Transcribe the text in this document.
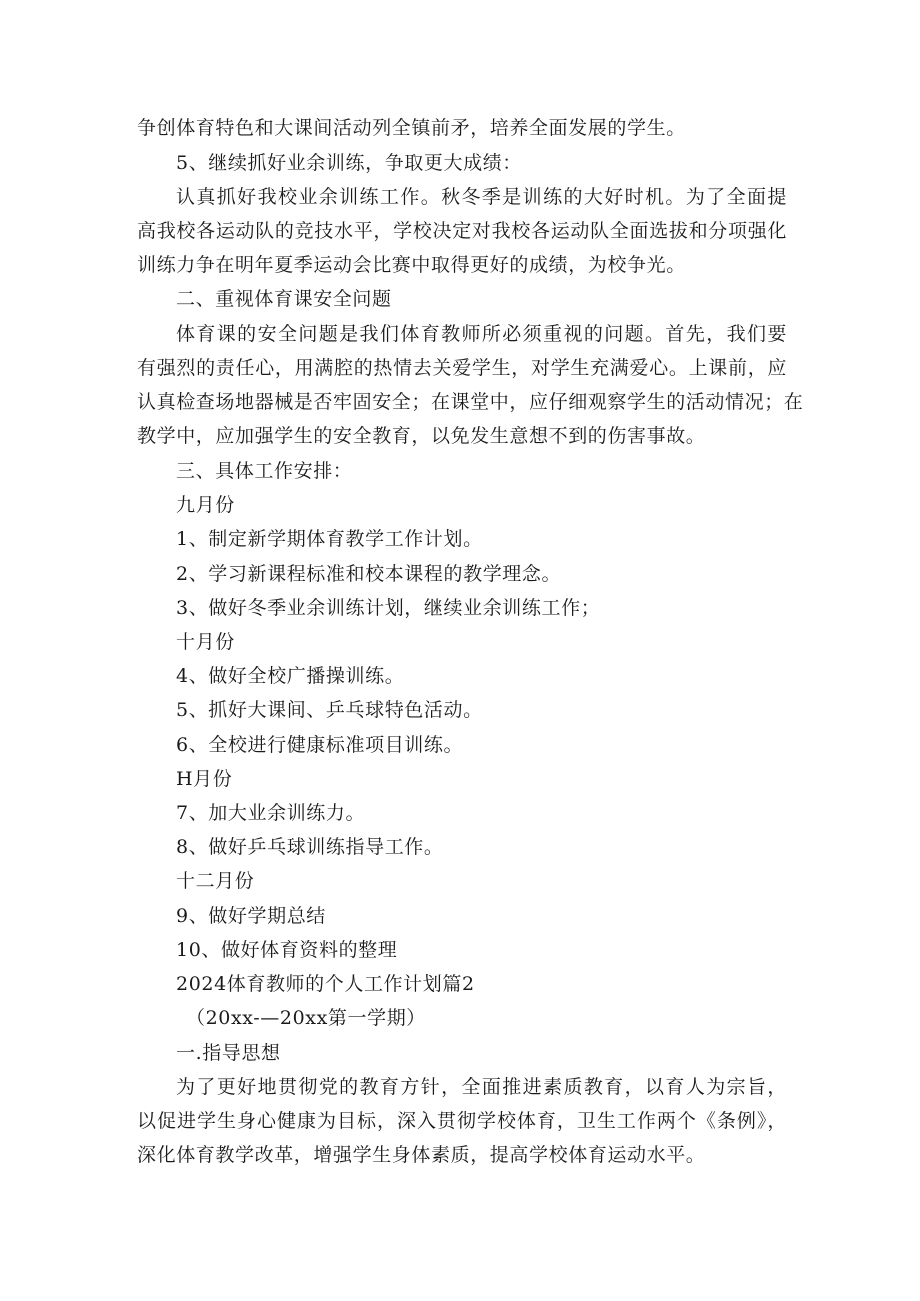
争创体育特色和大课间活动列全镇前矛，培养全面发展的学生。
5、继续抓好业余训练，争取更大成绩：
认真抓好我校业余训练工作。秋冬季是训练的大好时机。为了全面提
高我校各运动队的竞技水平，学校决定对我校各运动队全面选拔和分项强化
训练力争在明年夏季运动会比赛中取得更好的成绩，为校争光。
二、重视体育课安全问题
体育课的安全问题是我们体育教师所必须重视的问题。首先，我们要
有强烈的责任心，用满腔的热情去关爱学生，对学生充满爱心。上课前，应
认真检查场地器械是否牢固安全；在课堂中，应仔细观察学生的活动情况；在
教学中，应加强学生的安全教育，以免发生意想不到的伤害事故。
三、具体工作安排：
九月份
1、制定新学期体育教学工作计划。
2、学习新课程标准和校本课程的教学理念。
3、做好冬季业余训练计划，继续业余训练工作；
十月份
4、做好全校广播操训练。
5、抓好大课间、乒乓球特色活动。
6、全校进行健康标准项目训练。
H月份
7、加大业余训练力。
8、做好乒乓球训练指导工作。
十二月份
9、做好学期总结
10、做好体育资料的整理
2024体育教师的个人工作计划篇2
（20xx-—20xx第一学期）
一.指导思想
为了更好地贯彻党的教育方针，全面推进素质教育，以育人为宗旨，
以促进学生身心健康为目标，深入贯彻学校体育，卫生工作两个《条例》，
深化体育教学改革，增强学生身体素质，提高学校体育运动水平。
